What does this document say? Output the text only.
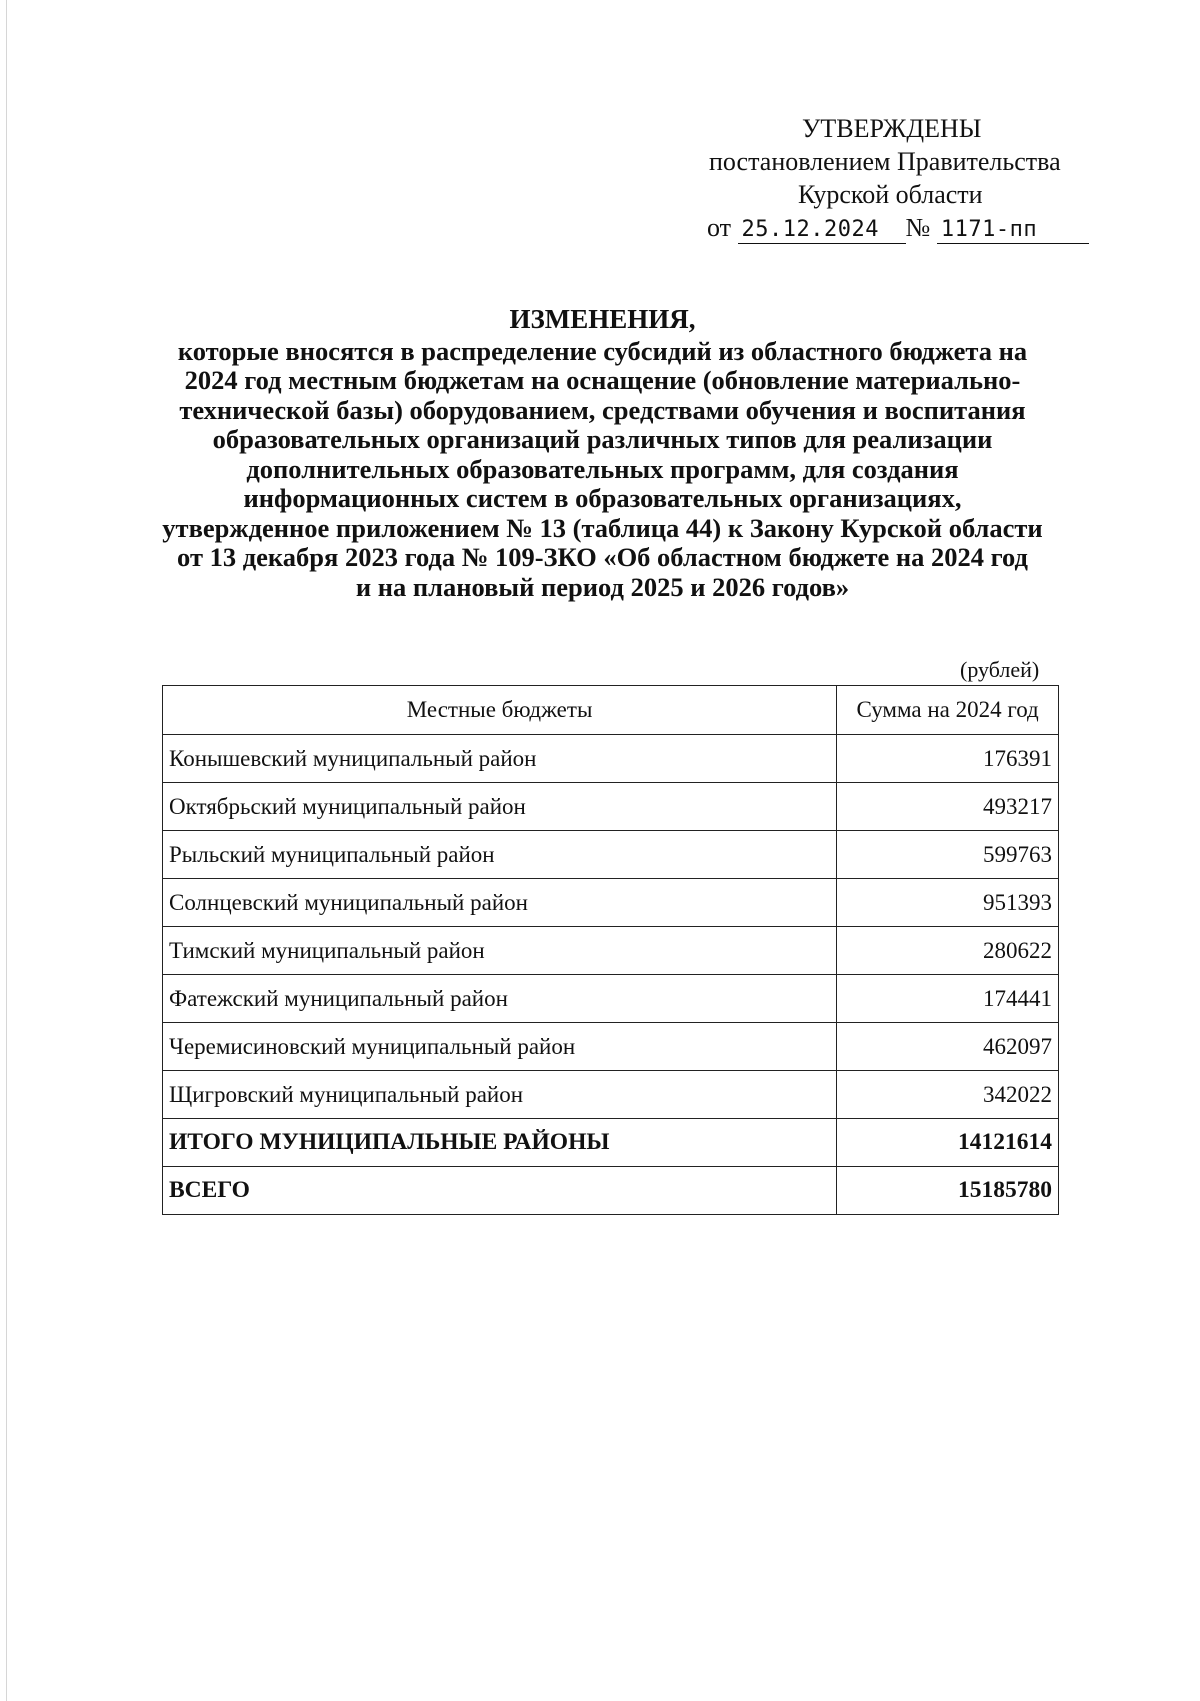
УТВЕРЖДЕНЫ
постановлением Правительства
Курской области
от 25.12.2024 № 1171-пп
ИЗМЕНЕНИЯ,
которые вносятся в распределение субсидий из областного бюджета на
2024 год местным бюджетам на оснащение (обновление материально-
технической базы) оборудованием, средствами обучения и воспитания
образовательных организаций различных типов для реализации
дополнительных образовательных программ, для создания
информационных систем в образовательных организациях,
утвержденное приложением № 13 (таблица 44) к Закону Курской области
от 13 декабря 2023 года № 109-ЗКО «Об областном бюджете на 2024 год
и на плановый период 2025 и 2026 годов»
(рублей)
Местные бюджеты	Сумма на 2024 год
Конышевский муниципальный район	176391
Октябрьский муниципальный район	493217
Рыльский муниципальный район	599763
Солнцевский муниципальный район	951393
Тимский муниципальный район	280622
Фатежский муниципальный район	174441
Черемисиновский муниципальный район	462097
Щигровский муниципальный район	342022
ИТОГО МУНИЦИПАЛЬНЫЕ РАЙОНЫ	14121614
ВСЕГО	15185780
